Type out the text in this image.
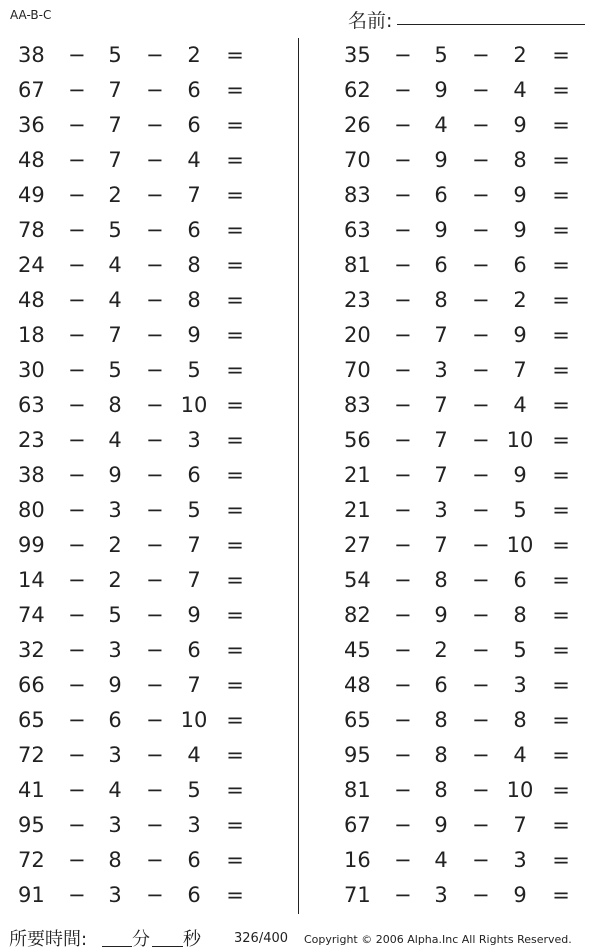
AA-B-C	名前:
38 −	5	−	2	=
67 −	7	−	6	=
36 −	7	−	6	=
48 −	7	−	4	=
49 −	2	−	7	=
78 −	5	−	6	=
24 −	4	−	8	=
48 −	4	−	8	=
18 −	7	−	9	=
30 −	5	−	5	=
63 −	8	− 10 =
23 −	4	−	3	=
38 −	9	−	6	=
80 −	3	−	5	=
99 −	2	−	7	=
14 −	2	−	7	=
74 −	5	−	9	=
32 −	3	−	6	=
66 −	9	−	7	=
65 −	6	− 10 =
72 −	3	−	4	=
41 −	4	−	5	=
95 −	3	−	3	=
72 −	8	−	6	=
91 −	3	−	6	=
35 −	5	−	2	=
62 −	9	−	4	=
26 −	4	−	9	=
70 −	9	−	8	=
83 −	6	−	9	=
63 −	9	−	9	=
81 −	6	−	6	=
23 −	8	−	2	=
20 −	7	−	9	=
70 −	3	−	7	=
83 −	7	−	4	=
56 −	7	− 10 =
21 −	7	−	9	=
21 −	3	−	5	=
27 −	7	− 10 =
54 −	8	−	6	=
82 −	9	−	8	=
45 −	2	−	5	=
48 −	6	−	3	=
65 −	8	−	8	=
95 −	8	−	4	=
81 −	8	− 10 =
67 −	9	−	7	=
16 −	4	−	3	=
71 −	3	−	9	=
所要時間: 分 秒	326/400 Copyright © 2006 Alpha.Inc All Rights Reserved.
